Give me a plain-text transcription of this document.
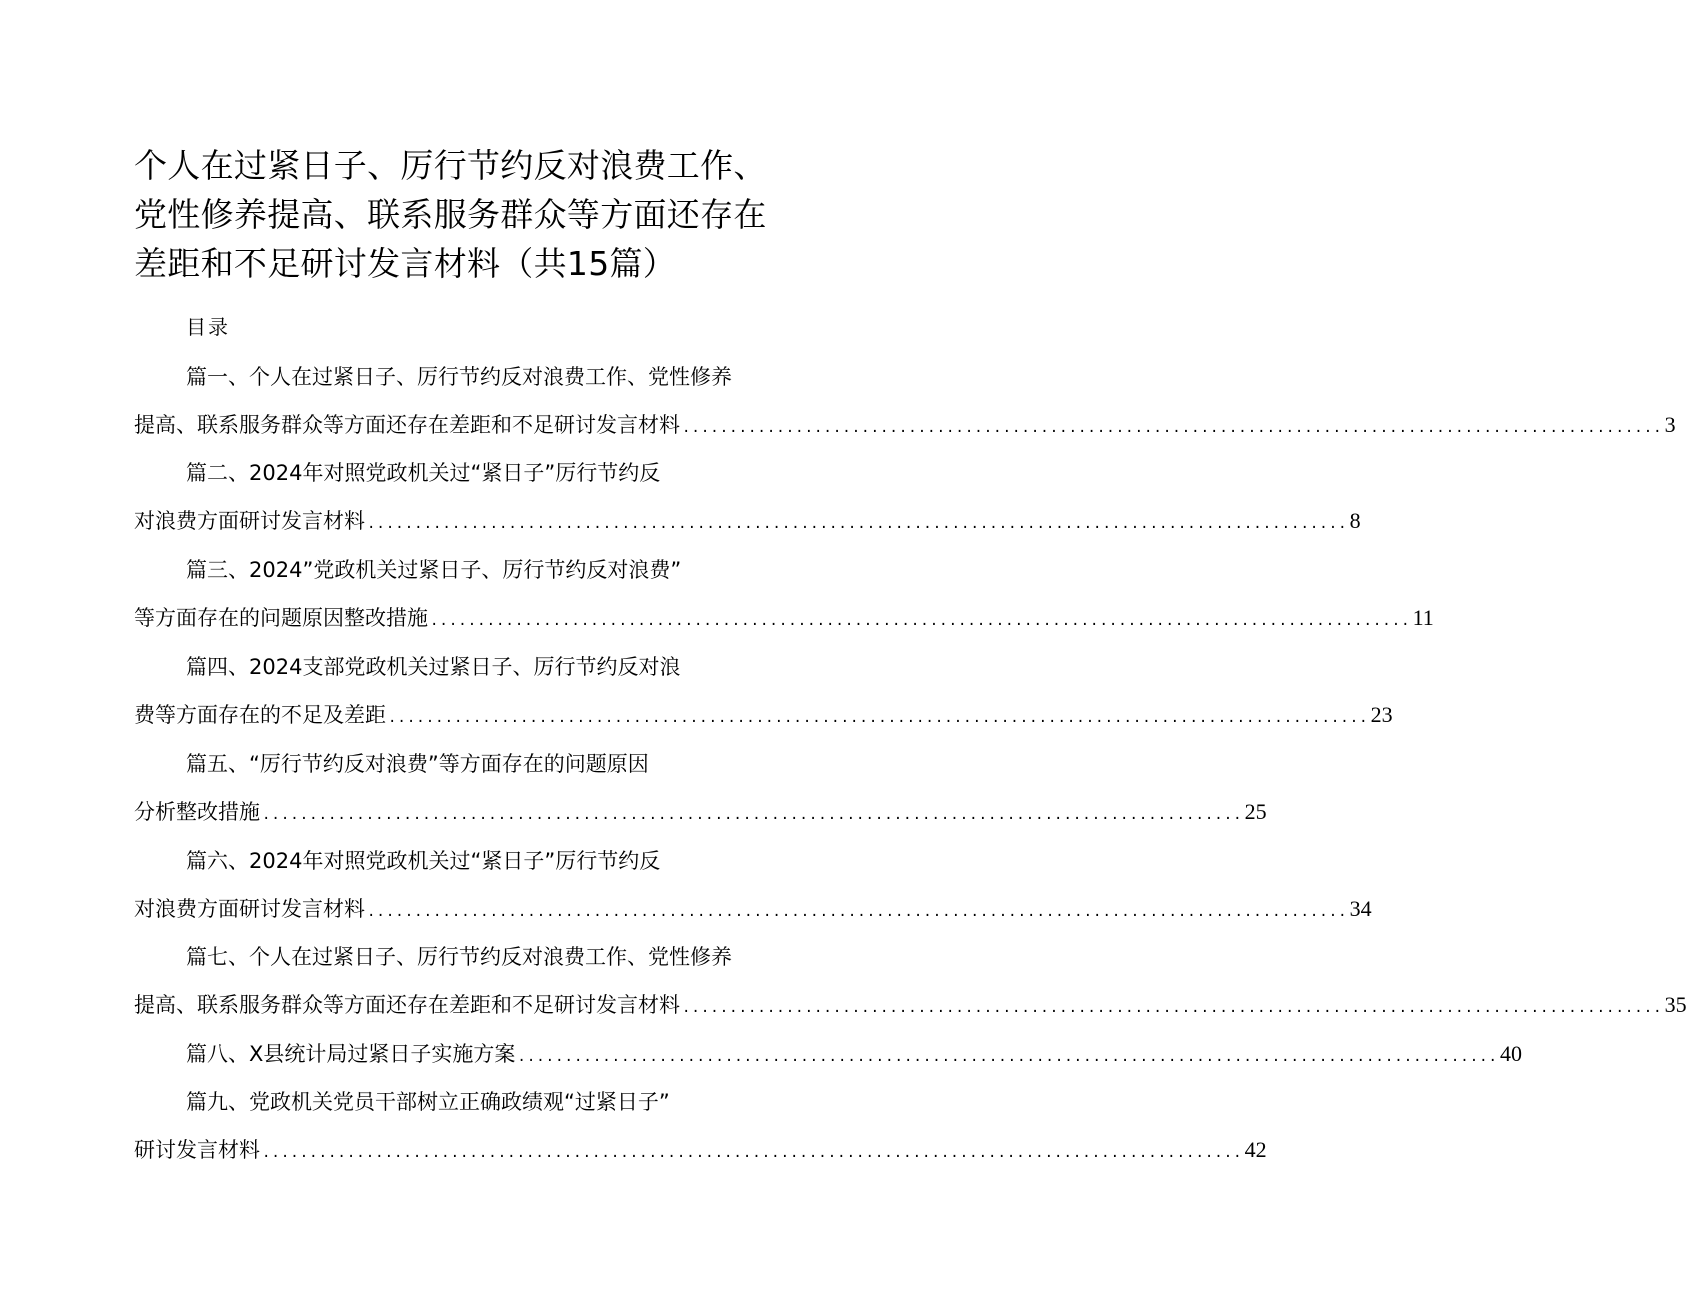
个人在过紧日子、厉行节约反对浪费工作、党性修养提高、联系服务群众等方面还存在差距和不足研讨发言材料（共15篇）
目录
篇一、个人在过紧日子、厉行节约反对浪费工作、党性修养
提高、联系服务群众等方面还存在差距和不足研讨发言材料 ........................................................................................................ 3
篇二、2024年对照党政机关过“紧日子”厉行节约反
对浪费方面研讨发言材料 ........................................................................................................ 8
篇三、2024”党政机关过紧日子、厉行节约反对浪费”
等方面存在的问题原因整改措施 ........................................................................................................ 11
篇四、2024支部党政机关过紧日子、厉行节约反对浪
费等方面存在的不足及差距 ........................................................................................................ 23
篇五、“厉行节约反对浪费”等方面存在的问题原因
分析整改措施 ........................................................................................................ 25
篇六、2024年对照党政机关过“紧日子”厉行节约反
对浪费方面研讨发言材料 ........................................................................................................ 34
篇七、个人在过紧日子、厉行节约反对浪费工作、党性修养
提高、联系服务群众等方面还存在差距和不足研讨发言材料 ........................................................................................................ 35
篇八、X县统计局过紧日子实施方案 ........................................................................................................ 40
篇九、党政机关党员干部树立正确政绩观“过紧日子”
研讨发言材料 ........................................................................................................ 42
